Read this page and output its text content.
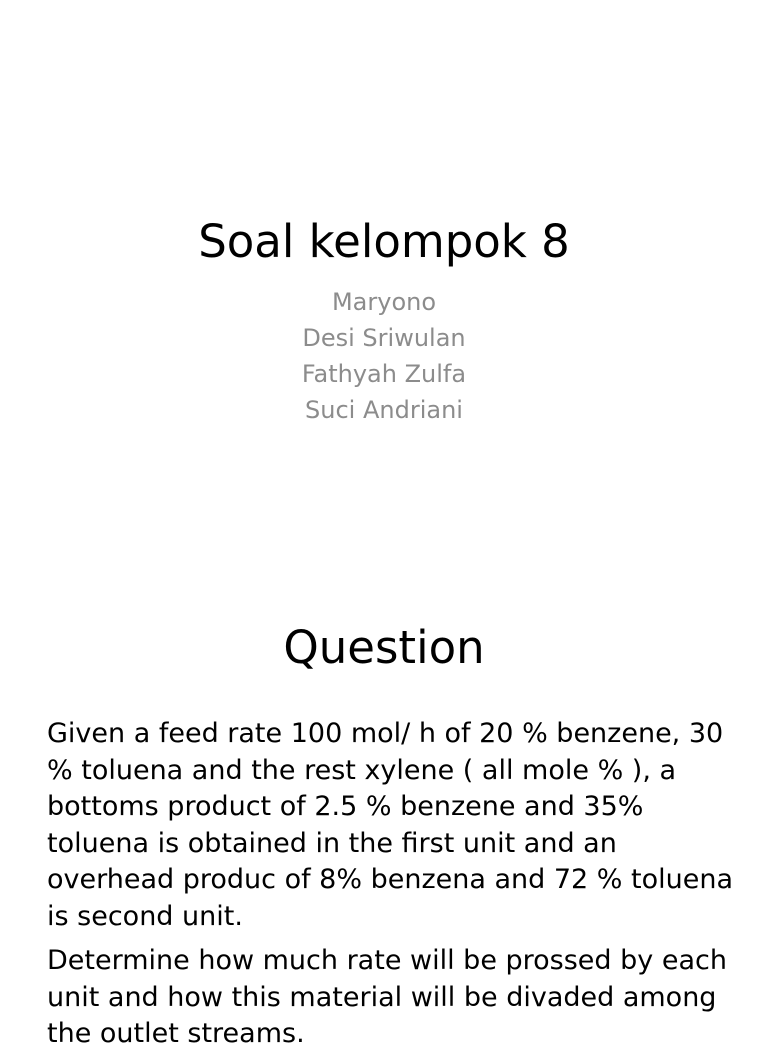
Soal kelompok 8
Maryono
Desi Sriwulan
Fathyah Zulfa
Suci Andriani
Question

Given a feed rate 100 mol/ h of 20 % benzene, 30 % toluena and the rest xylene ( all mole % ), a bottoms product of 2.5 % benzene and 35% toluena is obtained in the first unit and an overhead produc of 8% benzena and 72 % toluena is second unit.

Determine how much rate will be prossed by each unit and how this material will be divaded among the outlet streams.
